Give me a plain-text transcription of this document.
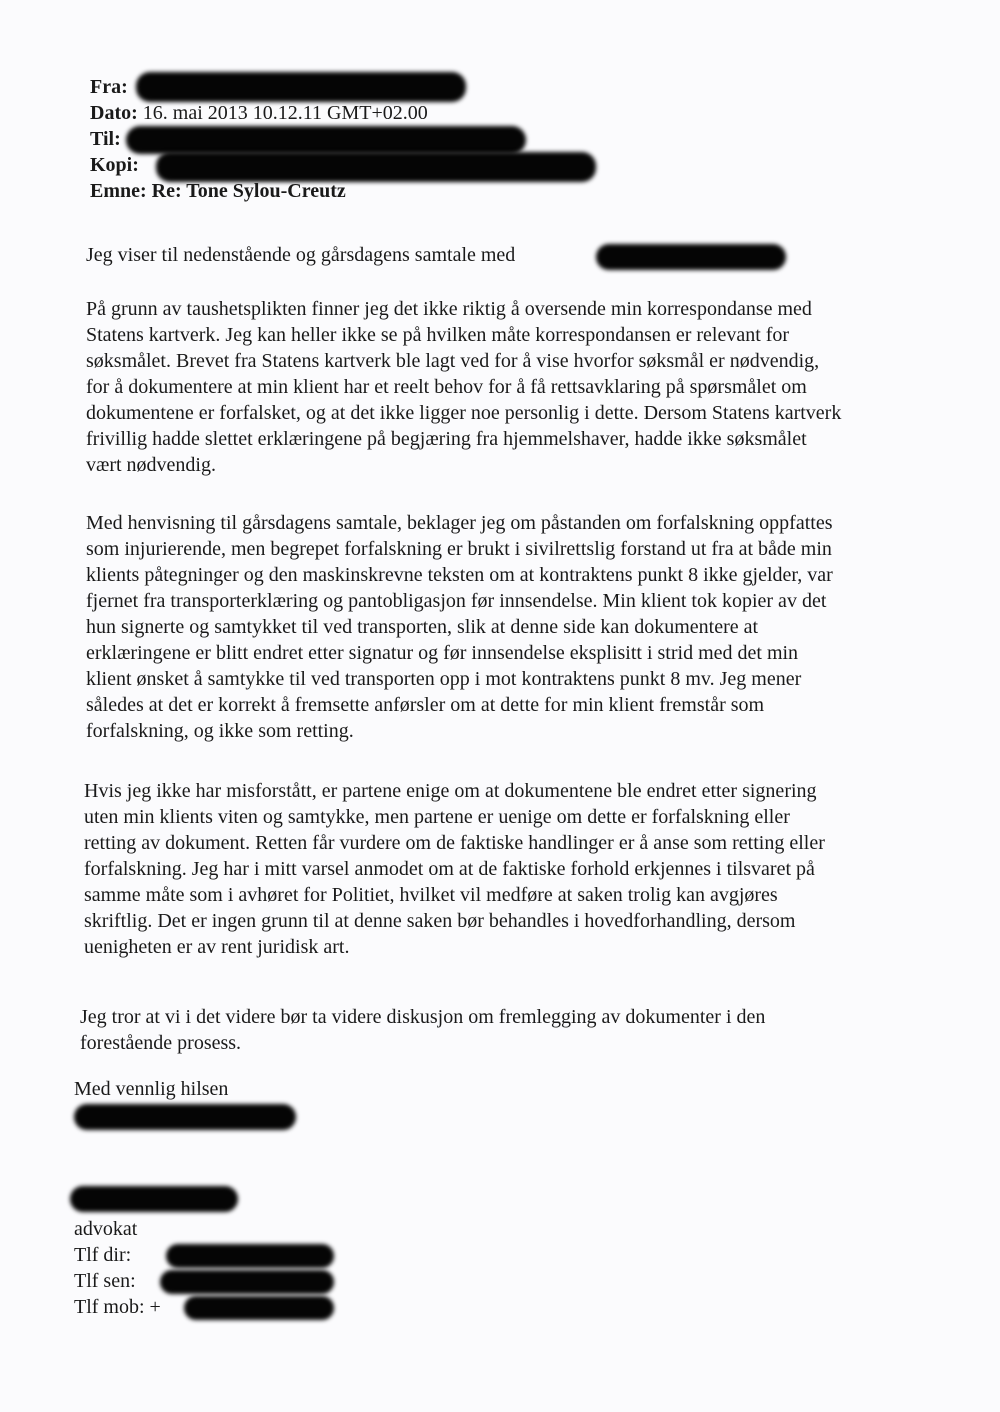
Fra:
Dato: 16. mai 2013 10.12.11 GMT+02.00
Til:
Kopi:
Emne: Re: Tone Sylou-Creutz
Jeg viser til nedenstående og gårsdagens samtale med
På grunn av taushetsplikten finner jeg det ikke riktig å oversende min korrespondanse med
Statens kartverk. Jeg kan heller ikke se på hvilken måte korrespondansen er relevant for
søksmålet. Brevet fra Statens kartverk ble lagt ved for å vise hvorfor søksmål er nødvendig,
for å dokumentere at min klient har et reelt behov for å få rettsavklaring på spørsmålet om
dokumentene er forfalsket, og at det ikke ligger noe personlig i dette. Dersom Statens kartverk
frivillig hadde slettet erklæringene på begjæring fra hjemmelshaver, hadde ikke søksmålet
vært nødvendig.
Med henvisning til gårsdagens samtale, beklager jeg om påstanden om forfalskning oppfattes
som injurierende, men begrepet forfalskning er brukt i sivilrettslig forstand ut fra at både min
klients påtegninger og den maskinskrevne teksten om at kontraktens punkt 8 ikke gjelder, var
fjernet fra transporterklæring og pantobligasjon før innsendelse. Min klient tok kopier av det
hun signerte og samtykket til ved transporten, slik at denne side kan dokumentere at
erklæringene er blitt endret etter signatur og før innsendelse eksplisitt i strid med det min
klient ønsket å samtykke til ved transporten opp i mot kontraktens punkt 8 mv. Jeg mener
således at det er korrekt å fremsette anførsler om at dette for min klient fremstår som
forfalskning, og ikke som retting.
Hvis jeg ikke har misforstått, er partene enige om at dokumentene ble endret etter signering
uten min klients viten og samtykke, men partene er uenige om dette er forfalskning eller
retting av dokument. Retten får vurdere om de faktiske handlinger er å anse som retting eller
forfalskning. Jeg har i mitt varsel anmodet om at de faktiske forhold erkjennes i tilsvaret på
samme måte som i avhøret for Politiet, hvilket vil medføre at saken trolig kan avgjøres
skriftlig. Det er ingen grunn til at denne saken bør behandles i hovedforhandling, dersom
uenigheten er av rent juridisk art.
Jeg tror at vi i det videre bør ta videre diskusjon om fremlegging av dokumenter i den
forestående prosess.
Med vennlig hilsen
advokat
Tlf dir:
Tlf sen:
Tlf mob: +
